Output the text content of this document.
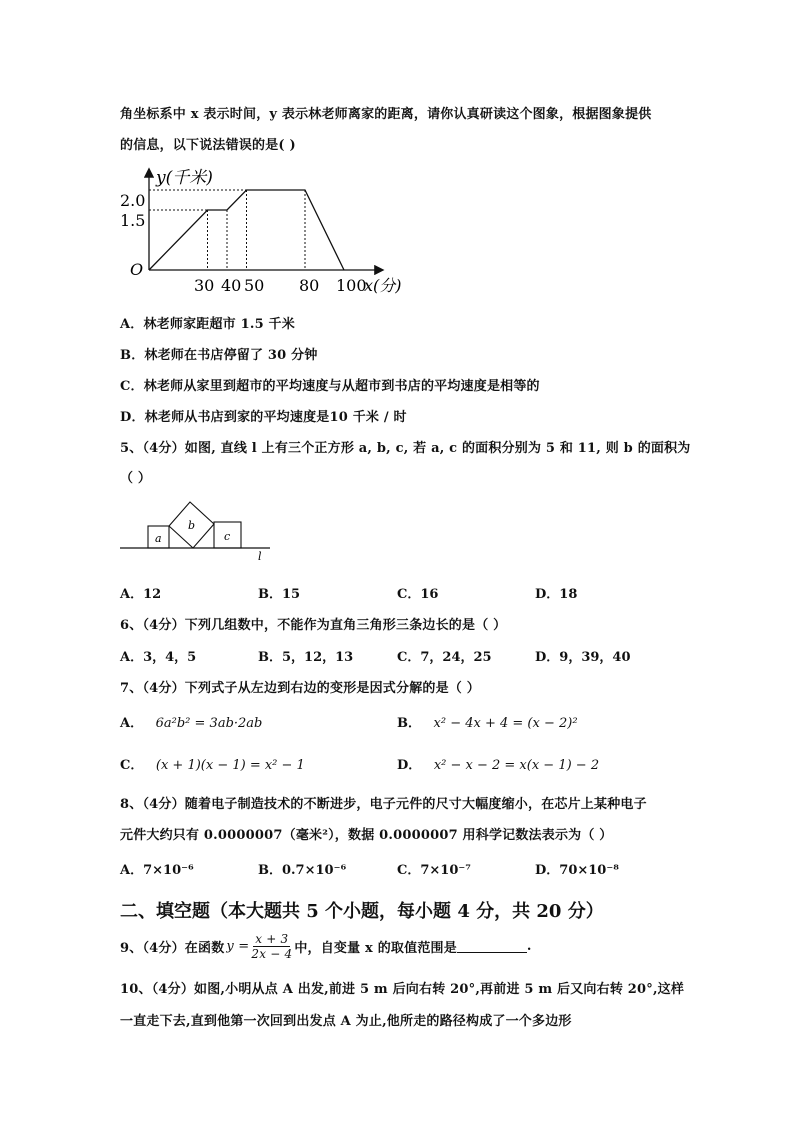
角坐标系中 x 表示时间，y 表示林老师离家的距离，请你认真研读这个图象，根据图象提供
的信息，以下说法错误的是( )
y(千米)
x(分)
O
2.0
1.5
30 40 50 80 100
A．林老师家距超市 1.5 千米
B．林老师在书店停留了 30 分钟
C．林老师从家里到超市的平均速度与从超市到书店的平均速度是相等的
D．林老师从书店到家的平均速度是10 千米 / 时
5、（4分）如图, 直线 l 上有三个正方形 a, b, c, 若 a, c 的面积分别为 5 和 11, 则 b 的面积为
（ ）
a
b
c
l
A．12	B．15	C．16	D．18
6、（4分）下列几组数中，不能作为直角三角形三条边长的是（ ）
A．3，4，5	B．5，12，13	C．7，24，25	D．9，39，40
7、（4分）下列式子从左边到右边的变形是因式分解的是（ ）
A． 6a²b² = 3ab·2ab	B． x² − 4x + 4 = (x − 2)²
C． (x + 1)(x − 1) = x² − 1	D． x² − x − 2 = x(x − 1) − 2
8、（4分）随着电子制造技术的不断进步，电子元件的尺寸大幅度缩小，在芯片上某种电子
元件大约只有 0.0000007（毫米²），数据 0.0000007 用科学记数法表示为（ ）
A．7×10⁻⁶	B．0.7×10⁻⁶	C．7×10⁻⁷	D．70×10⁻⁸
二、填空题（本大题共 5 个小题，每小题 4 分，共 20 分）
9、（4分）在函数 $y = \frac{x + 3}{2x - 4}$ 中，自变量 x 的取值范围是	.
10、（4分）如图,小明从点 A 出发,前进 5 m 后向右转 20°,再前进 5 m 后又向右转 20°,这样
一直走下去,直到他第一次回到出发点 A 为止,他所走的路径构成了一个多边形
